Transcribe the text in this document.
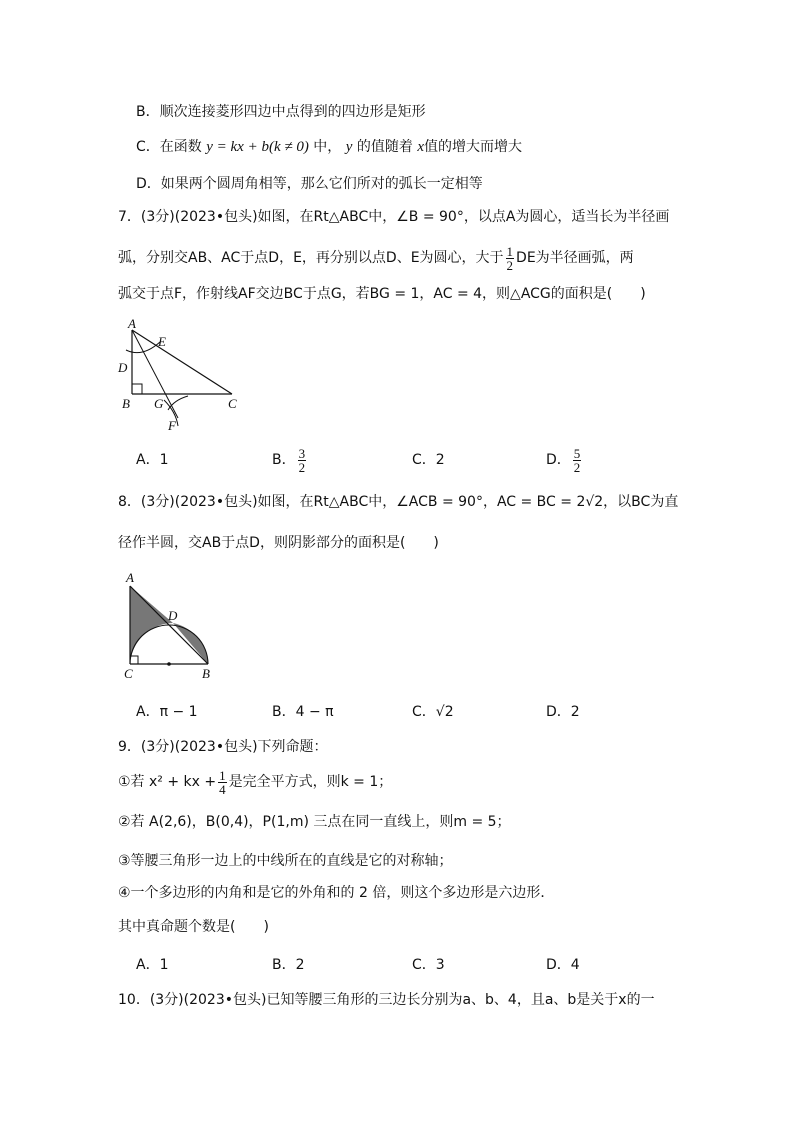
B．顺次连接菱形四边中点得到的四边形是矩形
C．在函数 y = kx + b(k ≠ 0) 中， y 的值随着 x值的增大而增大
D．如果两个圆周角相等，那么它们所对的弧长一定相等
7．(3分)(2023•包头)如图，在Rt△ABC中，∠B = 90°，以点A为圆心，适当长为半径画
弧，分别交AB、AC于点D，E，再分别以点D、E为圆心，大于 $\frac{1}{2}$ DE为半径画弧，两
弧交于点F，作射线AF交边BC于点G，若BG = 1，AC = 4，则△ACG的面积是(　　)
A
E
D
B G	C
F
A．1	B． $\frac{3}{2}$	C．2	D． $\frac{5}{2}$
8．(3分)(2023•包头)如图，在Rt△ABC中，∠ACB = 90°，AC = BC = 2√2，以BC为直
径作半圆，交AB于点D，则阴影部分的面积是(　　)
A
D
C	B
A．π − 1	B．4 − π	C．√2	D．2
9．(3分)(2023•包头)下列命题：
①若 x² + kx + $\frac{1}{4}$ 是完全平方式，则k = 1；
②若 A(2,6)，B(0,4)，P(1,m) 三点在同一直线上，则m = 5；
③等腰三角形一边上的中线所在的直线是它的对称轴；
④一个多边形的内角和是它的外角和的 2 倍，则这个多边形是六边形．
其中真命题个数是(　　)
A．1	B．2	C．3	D．4
10．(3分)(2023•包头)已知等腰三角形的三边长分别为a、b、4，且a、b是关于x的一
